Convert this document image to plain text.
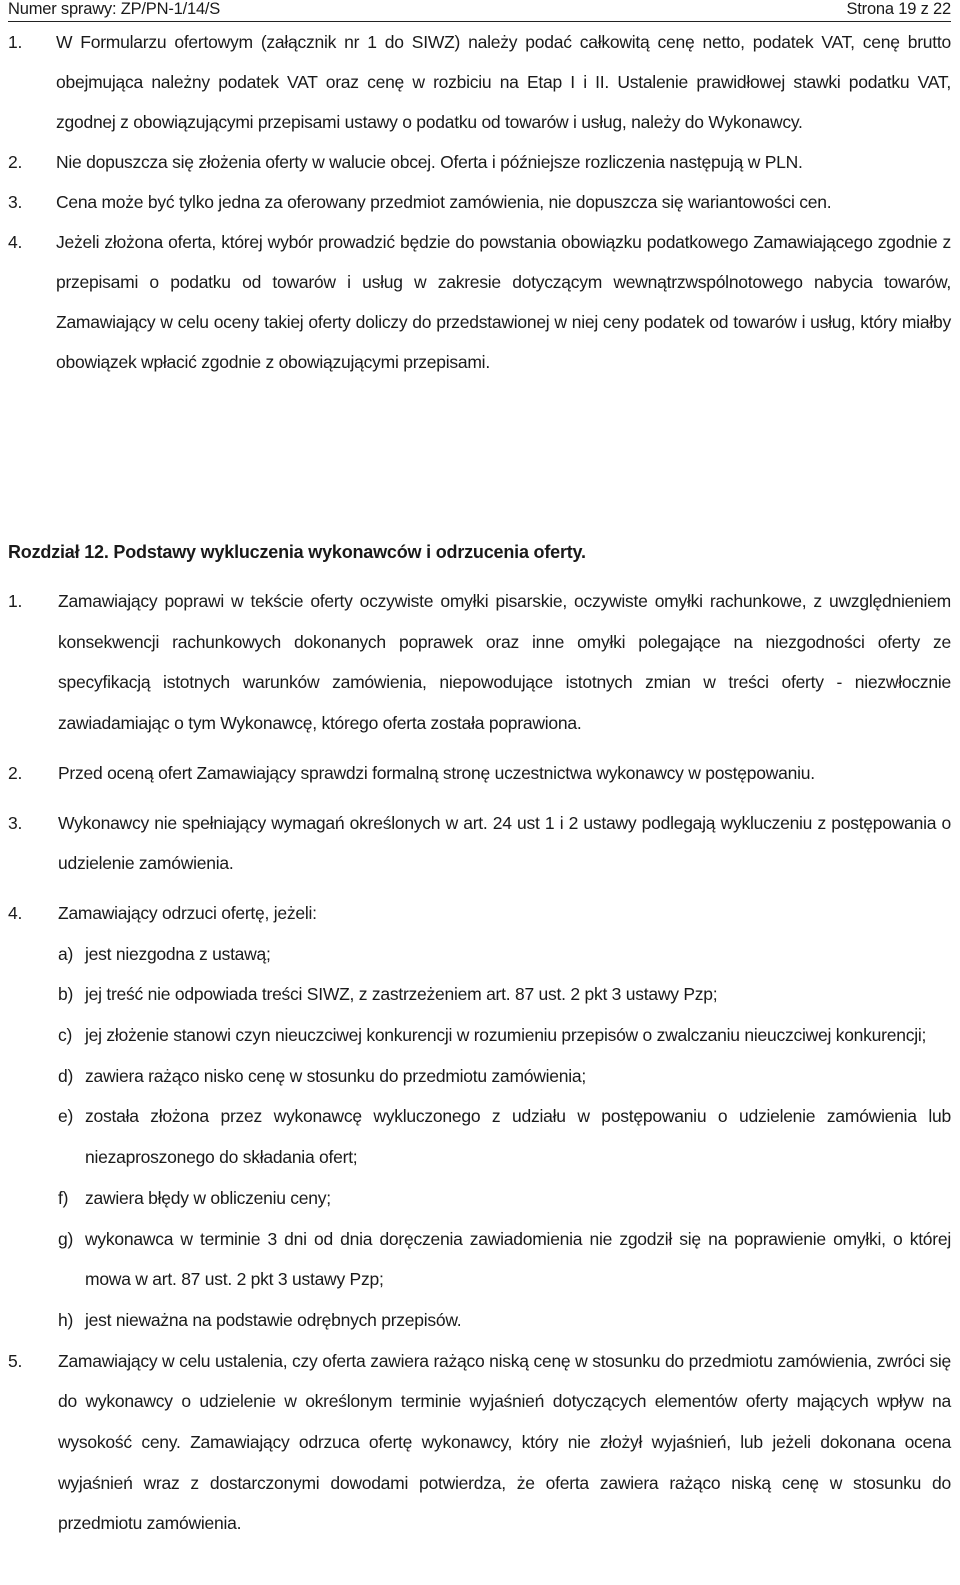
Numer sprawy: ZP/PN-1/14/S	Strona 19 z 22
1. W Formularzu ofertowym (załącznik nr 1 do SIWZ) należy podać całkowitą cenę netto, podatek VAT, cenę brutto obejmująca należny podatek VAT oraz cenę w rozbiciu na Etap I i II. Ustalenie prawidłowej stawki podatku VAT, zgodnej z obowiązującymi przepisami ustawy o podatku od towarów i usług, należy do Wykonawcy.
2. Nie dopuszcza się złożenia oferty w walucie obcej. Oferta i późniejsze rozliczenia następują w PLN.
3. Cena może być tylko jedna za oferowany przedmiot zamówienia, nie dopuszcza się wariantowości cen.
4. Jeżeli złożona oferta, której wybór prowadzić będzie do powstania obowiązku podatkowego Zamawiającego zgodnie z przepisami o podatku od towarów i usług w zakresie dotyczącym wewnątrzwspólnotowego nabycia towarów, Zamawiający w celu oceny takiej oferty doliczy do przedstawionej w niej ceny podatek od towarów i usług, który miałby obowiązek wpłacić zgodnie z obowiązującymi przepisami.
Rozdział 12. Podstawy wykluczenia wykonawców i odrzucenia oferty.
1. Zamawiający poprawi w tekście oferty oczywiste omyłki pisarskie, oczywiste omyłki rachunkowe, z uwzględnieniem konsekwencji rachunkowych dokonanych poprawek oraz inne omyłki polegające na niezgodności oferty ze specyfikacją istotnych warunków zamówienia, niepowodujące istotnych zmian w treści oferty - niezwłocznie zawiadamiając o tym Wykonawcę, którego oferta została poprawiona.
2. Przed oceną ofert Zamawiający sprawdzi formalną stronę uczestnictwa wykonawcy w postępowaniu.
3. Wykonawcy nie spełniający wymagań określonych w art. 24 ust 1 i 2 ustawy podlegają wykluczeniu z postępowania o udzielenie zamówienia.
4. Zamawiający odrzuci ofertę, jeżeli:
a) jest niezgodna z ustawą;
b) jej treść nie odpowiada treści SIWZ, z zastrzeżeniem art. 87 ust. 2 pkt 3 ustawy Pzp;
c) jej złożenie stanowi czyn nieuczciwej konkurencji w rozumieniu przepisów o zwalczaniu nieuczciwej konkurencji;
d) zawiera rażąco nisko cenę w stosunku do przedmiotu zamówienia;
e) została złożona przez wykonawcę wykluczonego z udziału w postępowaniu o udzielenie zamówienia lub niezaproszonego do składania ofert;
f) zawiera błędy w obliczeniu ceny;
g) wykonawca w terminie 3 dni od dnia doręczenia zawiadomienia nie zgodził się na poprawienie omyłki, o której mowa w art. 87 ust. 2 pkt 3 ustawy Pzp;
h) jest nieważna na podstawie odrębnych przepisów.
5. Zamawiający w celu ustalenia, czy oferta zawiera rażąco niską cenę w stosunku do przedmiotu zamówienia, zwróci się do wykonawcy o udzielenie w określonym terminie wyjaśnień dotyczących elementów oferty mających wpływ na wysokość ceny. Zamawiający odrzuca ofertę wykonawcy, który nie złożył wyjaśnień, lub jeżeli dokonana ocena wyjaśnień wraz z dostarczonymi dowodami potwierdza, że oferta zawiera rażąco niską cenę w stosunku do przedmiotu zamówienia.
